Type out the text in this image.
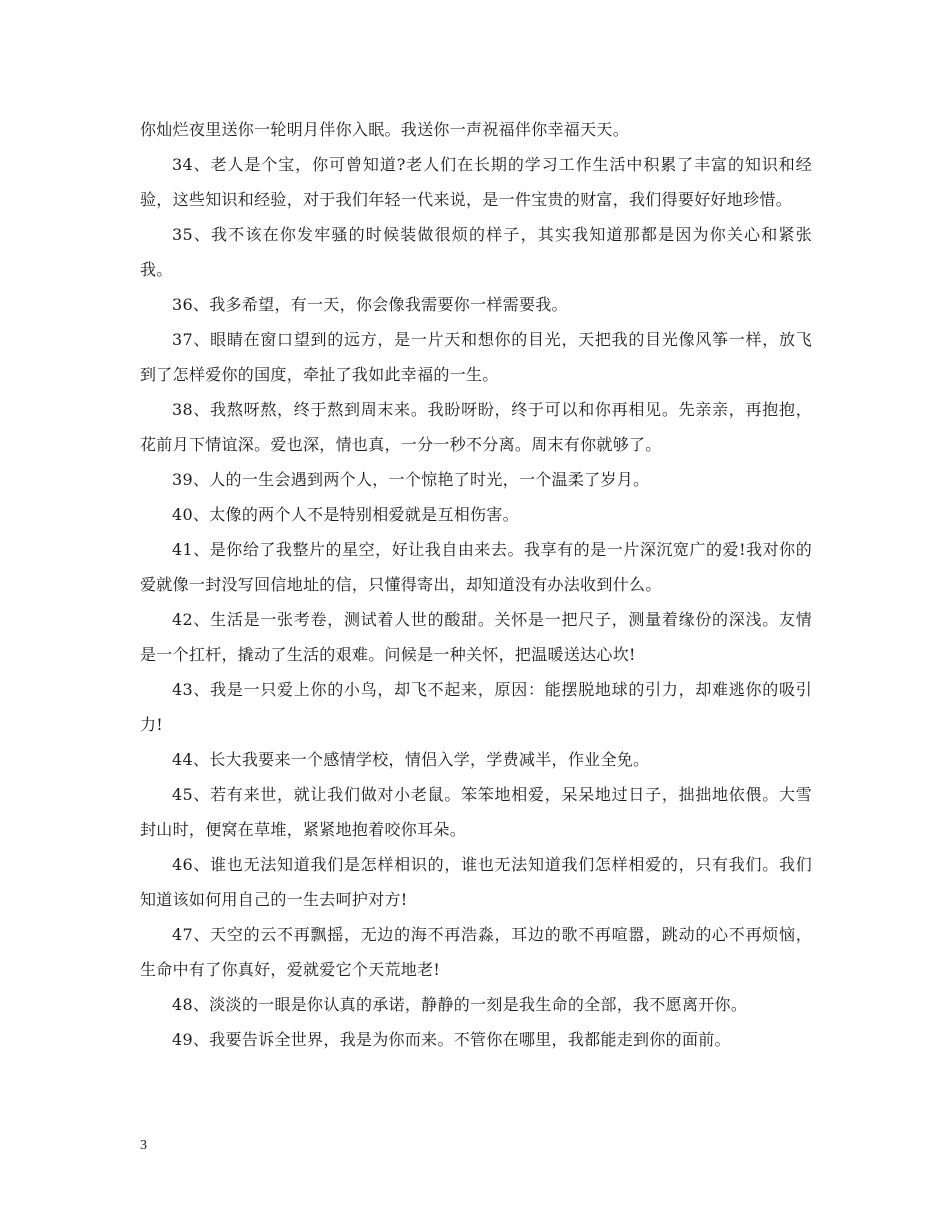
你灿烂夜里送你一轮明月伴你入眠。我送你一声祝福伴你幸福天天。

34、老人是个宝，你可曾知道?老人们在长期的学习工作生活中积累了丰富的知识和经验，这些知识和经验，对于我们年轻一代来说，是一件宝贵的财富，我们得要好好地珍惜。

35、我不该在你发牢骚的时候装做很烦的样子，其实我知道那都是因为你关心和紧张我。

36、我多希望，有一天，你会像我需要你一样需要我。

37、眼睛在窗口望到的远方，是一片天和想你的目光，天把我的目光像风筝一样，放飞到了怎样爱你的国度，牵扯了我如此幸福的一生。

38、我熬呀熬，终于熬到周末来。我盼呀盼，终于可以和你再相见。先亲亲，再抱抱，花前月下情谊深。爱也深，情也真，一分一秒不分离。周末有你就够了。

39、人的一生会遇到两个人，一个惊艳了时光，一个温柔了岁月。

40、太像的两个人不是特别相爱就是互相伤害。

41、是你给了我整片的星空，好让我自由来去。我享有的是一片深沉宽广的爱!我对你的爱就像一封没写回信地址的信，只懂得寄出，却知道没有办法收到什么。

42、生活是一张考卷，测试着人世的酸甜。关怀是一把尺子，测量着缘份的深浅。友情是一个扛杆，撬动了生活的艰难。问候是一种关怀，把温暖送达心坎!

43、我是一只爱上你的小鸟，却飞不起来，原因：能摆脱地球的引力，却难逃你的吸引力!

44、长大我要来一个感情学校，情侣入学，学费减半，作业全免。

45、若有来世，就让我们做对小老鼠。笨笨地相爱，呆呆地过日子，拙拙地依偎。大雪封山时，便窝在草堆，紧紧地抱着咬你耳朵。

46、谁也无法知道我们是怎样相识的，谁也无法知道我们怎样相爱的，只有我们。我们知道该如何用自己的一生去呵护对方!

47、天空的云不再飘摇，无边的海不再浩淼，耳边的歌不再喧嚣，跳动的心不再烦恼，生命中有了你真好，爱就爱它个天荒地老!

48、淡淡的一眼是你认真的承诺，静静的一刻是我生命的全部，我不愿离开你。

49、我要告诉全世界，我是为你而来。不管你在哪里，我都能走到你的面前。

3
